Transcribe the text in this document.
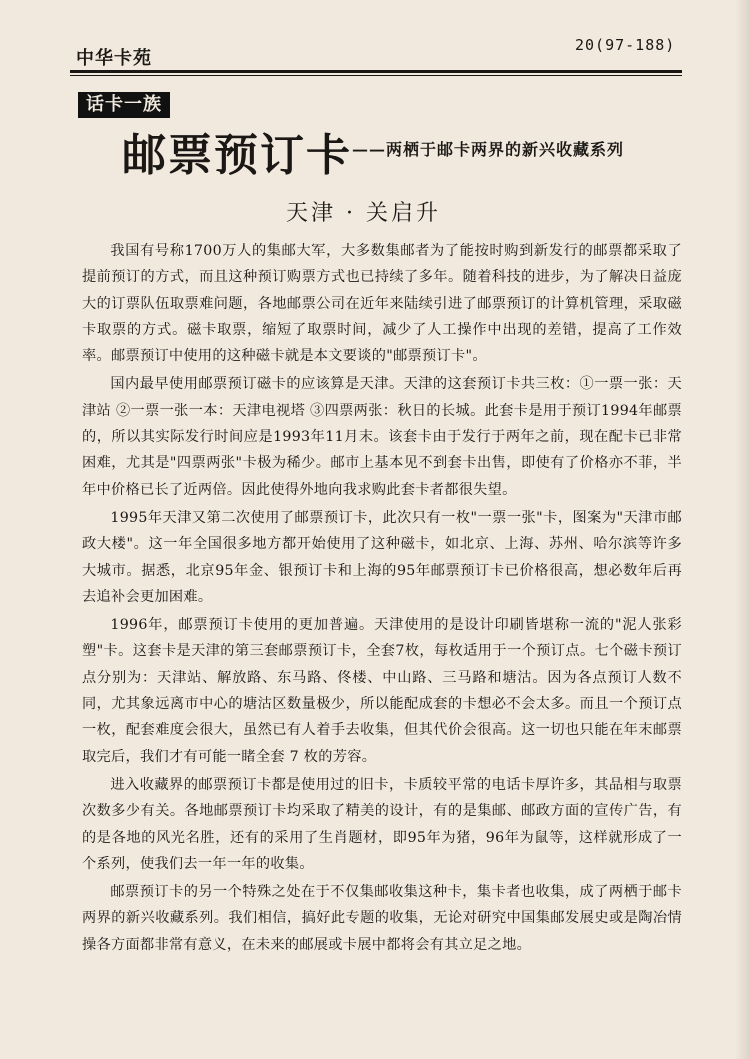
中华卡苑
20(97-188)
话卡一族
邮票预订卡——两栖于邮卡两界的新兴收藏系列
天津 · 关启升

我国有号称1700万人的集邮大军，大多数集邮者为了能按时购到新发行的邮票都采取了提前预订的方式，而且这种预订购票方式也已持续了多年。随着科技的进步，为了解决日益庞大的订票队伍取票难问题，各地邮票公司在近年来陆续引进了邮票预订的计算机管理，采取磁卡取票的方式。磁卡取票，缩短了取票时间，减少了人工操作中出现的差错，提高了工作效率。邮票预订中使用的这种磁卡就是本文要谈的"邮票预订卡"。

国内最早使用邮票预订磁卡的应该算是天津。天津的这套预订卡共三枚：①一票一张：天津站 ②一票一张一本：天津电视塔 ③四票两张：秋日的长城。此套卡是用于预订1994年邮票的，所以其实际发行时间应是1993年11月末。该套卡由于发行于两年之前，现在配卡已非常困难，尤其是"四票两张"卡极为稀少。邮市上基本见不到套卡出售，即使有了价格亦不菲，半年中价格已长了近两倍。因此使得外地向我求购此套卡者都很失望。

1995年天津又第二次使用了邮票预订卡，此次只有一枚"一票一张"卡，图案为"天津市邮政大楼"。这一年全国很多地方都开始使用了这种磁卡，如北京、上海、苏州、哈尔滨等许多大城市。据悉，北京95年金、银预订卡和上海的95年邮票预订卡已价格很高，想必数年后再去追补会更加困难。

1996年，邮票预订卡使用的更加普遍。天津使用的是设计印刷皆堪称一流的"泥人张彩塑"卡。这套卡是天津的第三套邮票预订卡，全套7枚，每枚适用于一个预订点。七个磁卡预订点分别为：天津站、解放路、东马路、佟楼、中山路、三马路和塘沽。因为各点预订人数不同，尤其象远离市中心的塘沽区数量极少，所以能配成套的卡想必不会太多。而且一个预订点一枚，配套难度会很大，虽然已有人着手去收集，但其代价会很高。这一切也只能在年末邮票取完后，我们才有可能一睹全套 7 枚的芳容。

进入收藏界的邮票预订卡都是使用过的旧卡，卡质较平常的电话卡厚许多，其品相与取票次数多少有关。各地邮票预订卡均采取了精美的设计，有的是集邮、邮政方面的宣传广告，有的是各地的风光名胜，还有的采用了生肖题材，即95年为猪，96年为鼠等，这样就形成了一个系列，使我们去一年一年的收集。

邮票预订卡的另一个特殊之处在于不仅集邮收集这种卡，集卡者也收集，成了两栖于邮卡两界的新兴收藏系列。我们相信，搞好此专题的收集，无论对研究中国集邮发展史或是陶冶情操各方面都非常有意义，在未来的邮展或卡展中都将会有其立足之地。
